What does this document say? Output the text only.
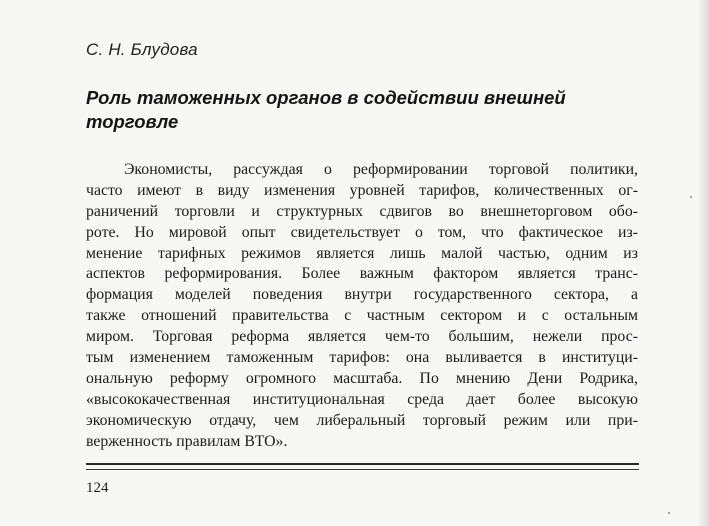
С. Н. Блудова
Роль таможенных органов в содействии внешней
торговле
Экономисты, рассуждая о реформировании торговой политики,
часто имеют в виду изменения уровней тарифов, количественных ог-
раничений торговли и структурных сдвигов во внешнеторговом обо-
роте. Но мировой опыт свидетельствует о том, что фактическое из-
менение тарифных режимов является лишь малой частью, одним из
аспектов реформирования. Более важным фактором является транс-
формация моделей поведения внутри государственного сектора, а
также отношений правительства с частным сектором и с остальным
миром. Торговая реформа является чем-то большим, нежели прос-
тым изменением таможенным тарифов: она выливается в институци-
ональную реформу огромного масштаба. По мнению Дени Родрика,
«высококачественная институциональная среда дает более высокую
экономическую отдачу, чем либеральный торговый режим или при-
верженность правилам ВТО».
124
